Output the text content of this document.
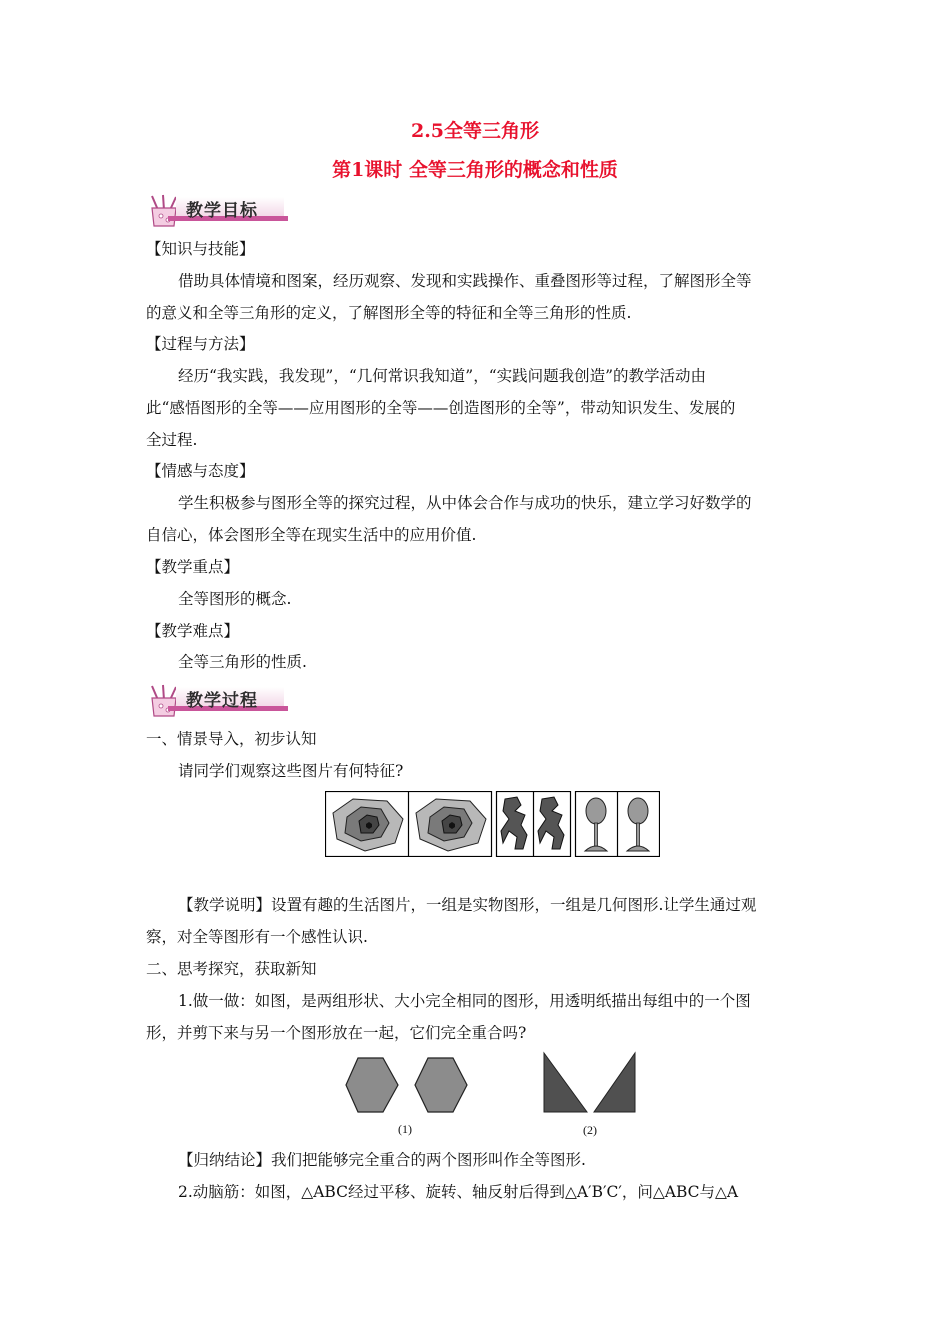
2.5全等三角形
第1课时 全等三角形的概念和性质
教学目标
【知识与技能】
借助具体情境和图案，经历观察、发现和实践操作、重叠图形等过程，了解图形全等
的意义和全等三角形的定义，了解图形全等的特征和全等三角形的性质.
【过程与方法】
经历“我实践，我发现”，“几何常识我知道”，“实践问题我创造”的教学活动由
此“感悟图形的全等——应用图形的全等——创造图形的全等”，带动知识发生、发展的
全过程.
【情感与态度】
学生积极参与图形全等的探究过程，从中体会合作与成功的快乐，建立学习好数学的
自信心，体会图形全等在现实生活中的应用价值.
【教学重点】
全等图形的概念.
【教学难点】
全等三角形的性质.
教学过程
一、情景导入，初步认知
请同学们观察这些图片有何特征?
【教学说明】设置有趣的生活图片，一组是实物图形，一组是几何图形.让学生通过观
察，对全等图形有一个感性认识.
二、思考探究，获取新知
1.做一做：如图，是两组形状、大小完全相同的图形，用透明纸描出每组中的一个图
形，并剪下来与另一个图形放在一起，它们完全重合吗?
(1)	(2)
【归纳结论】我们把能够完全重合的两个图形叫作全等图形.
2.动脑筋：如图，△ABC经过平移、旋转、轴反射后得到△A′B′C′，问△ABC与△A
